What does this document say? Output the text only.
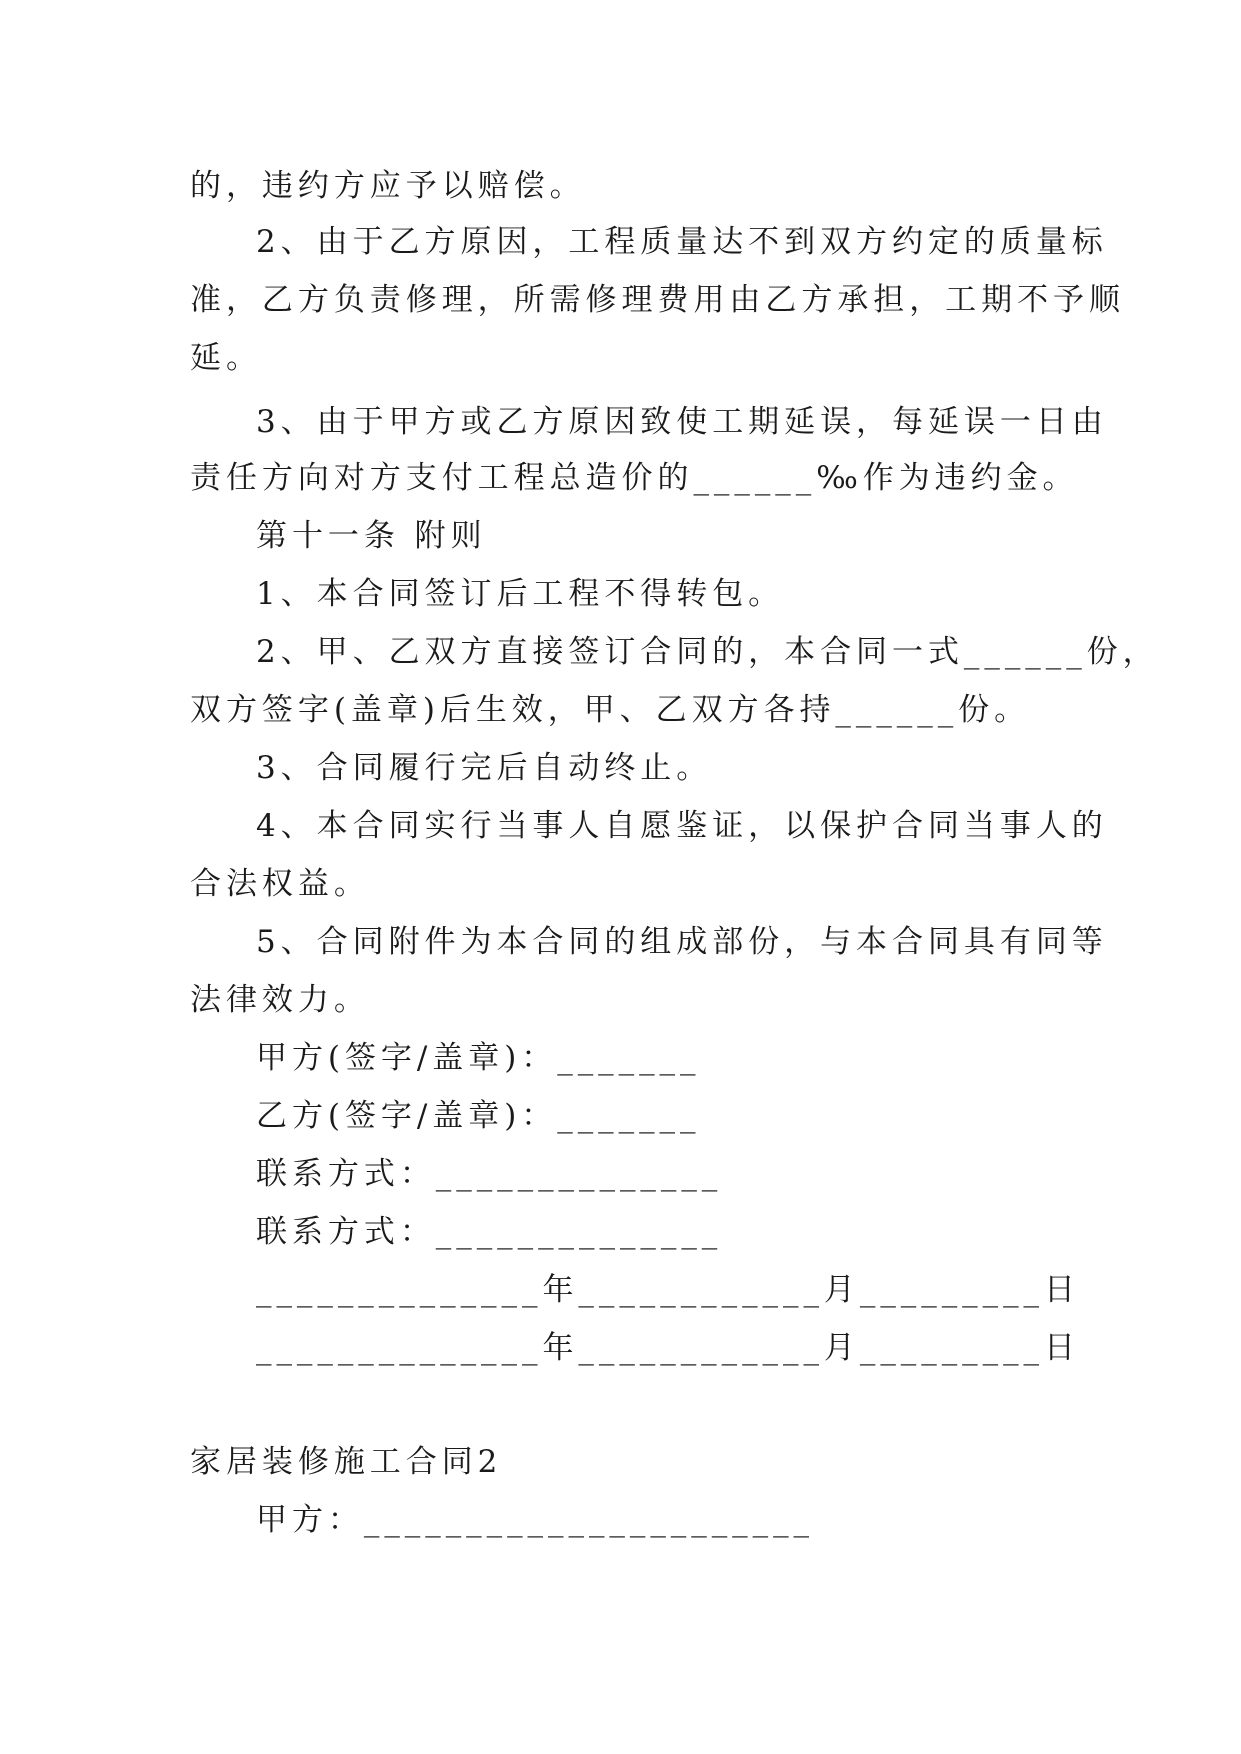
的，违约方应予以赔偿。
2、由于乙方原因，工程质量达不到双方约定的质量标
准，乙方负责修理，所需修理费用由乙方承担，工期不予顺
延。
3、由于甲方或乙方原因致使工期延误，每延误一日由
责任方向对方支付工程总造价的______‰作为违约金。
第十一条 附则
1、本合同签订后工程不得转包。
2、甲、乙双方直接签订合同的，本合同一式______份，
双方签字(盖章)后生效，甲、乙双方各持______份。
3、合同履行完后自动终止。
4、本合同实行当事人自愿鉴证，以保护合同当事人的
合法权益。
5、合同附件为本合同的组成部份，与本合同具有同等
法律效力。
甲方(签字/盖章)：_______
乙方(签字/盖章)：_______
联系方式：______________
联系方式：______________
______________年____________月_________日
______________年____________月_________日
家居装修施工合同2
甲方：______________________
